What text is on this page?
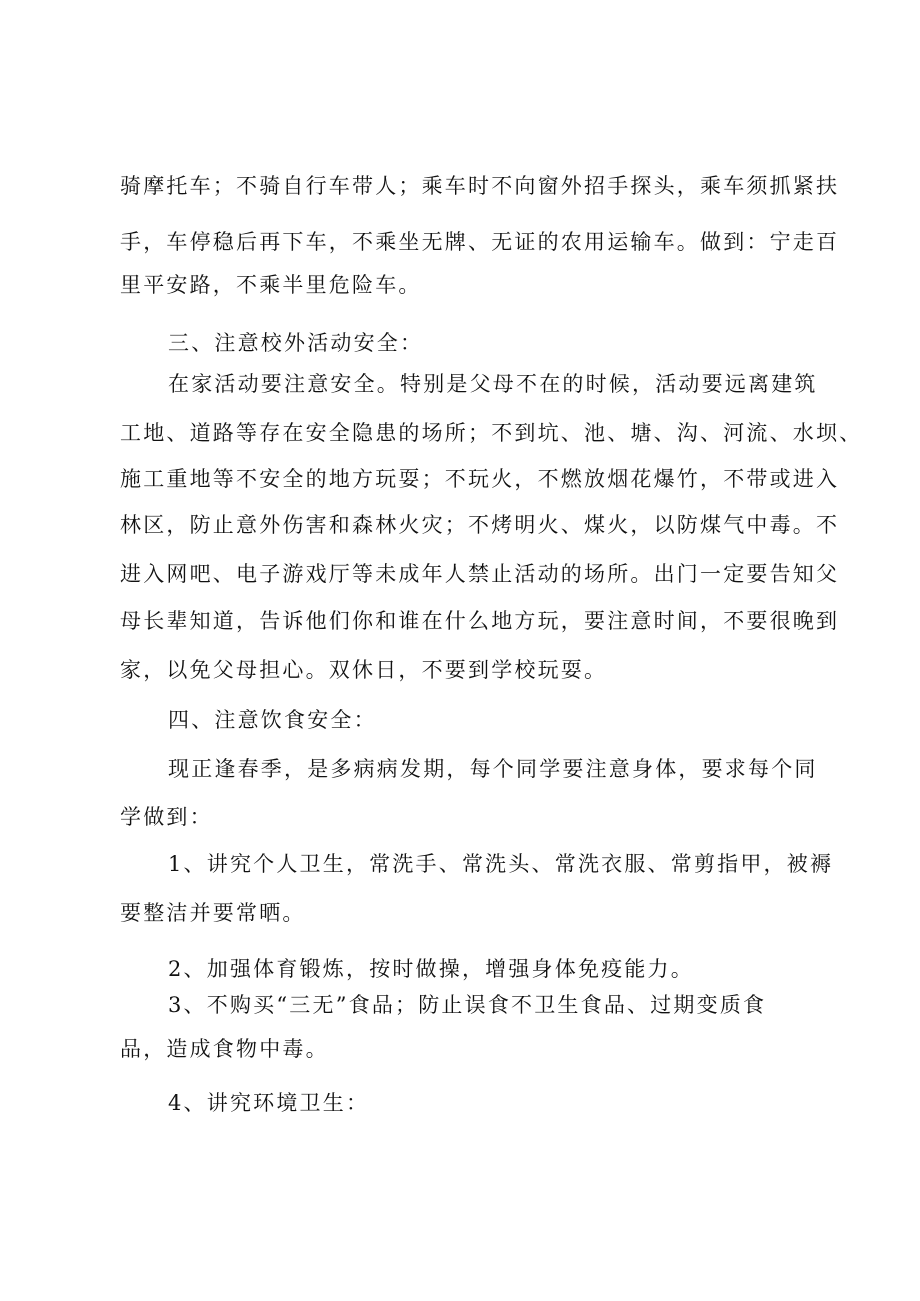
骑摩托车；不骑自行车带人；乘车时不向窗外招手探头，乘车须抓紧扶
手，车停稳后再下车，不乘坐无牌、无证的农用运输车。做到：宁走百
里平安路，不乘半里危险车。
三、注意校外活动安全：
在家活动要注意安全。特别是父母不在的时候，活动要远离建筑
工地、道路等存在安全隐患的场所；不到坑、池、塘、沟、河流、水坝、
施工重地等不安全的地方玩耍；不玩火，不燃放烟花爆竹，不带或进入
林区，防止意外伤害和森林火灾；不烤明火、煤火，以防煤气中毒。不
进入网吧、电子游戏厅等未成年人禁止活动的场所。出门一定要告知父
母长辈知道，告诉他们你和谁在什么地方玩，要注意时间，不要很晚到
家，以免父母担心。双休日，不要到学校玩耍。
四、注意饮食安全：
现正逢春季，是多病病发期，每个同学要注意身体，要求每个同
学做到：
1、讲究个人卫生，常洗手、常洗头、常洗衣服、常剪指甲，被褥
要整洁并要常晒。
2、加强体育锻炼，按时做操，增强身体免疫能力。
3、不购买“三无”食品；防止误食不卫生食品、过期变质食
品，造成食物中毒。
4、讲究环境卫生：
